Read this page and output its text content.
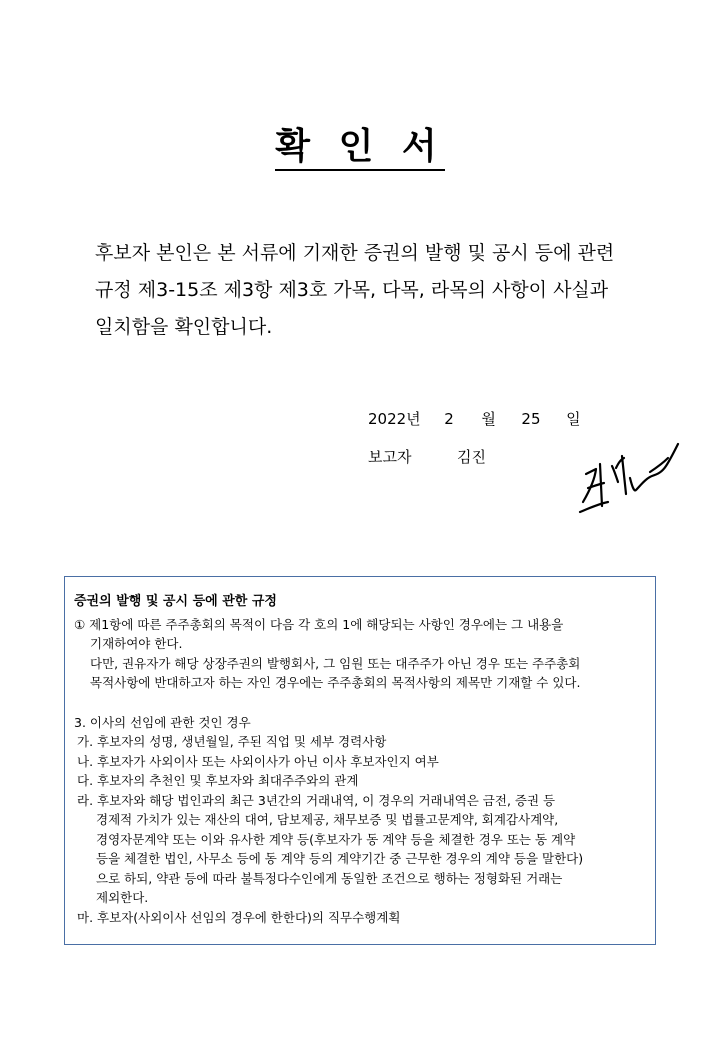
확 인 서
후보자 본인은 본 서류에 기재한 증권의 발행 및 공시 등에 관련
규정 제3-15조 제3항 제3호 가목, 다목, 라목의 사항이 사실과
일치함을 확인합니다.
2022년 2 월 25 일
보고자	김진
증권의 발행 및 공시 등에 관한 규정
① 제1항에 따른 주주총회의 목적이 다음 각 호의 1에 해당되는 사항인 경우에는 그 내용을
기재하여야 한다.
다만, 권유자가 해당 상장주권의 발행회사, 그 임원 또는 대주주가 아닌 경우 또는 주주총회
목적사항에 반대하고자 하는 자인 경우에는 주주총회의 목적사항의 제목만 기재할 수 있다.
3. 이사의 선임에 관한 것인 경우
가. 후보자의 성명, 생년월일, 주된 직업 및 세부 경력사항
나. 후보자가 사외이사 또는 사외이사가 아닌 이사 후보자인지 여부
다. 후보자의 추천인 및 후보자와 최대주주와의 관계
라. 후보자와 해당 법인과의 최근 3년간의 거래내역, 이 경우의 거래내역은 금전, 증권 등
경제적 가치가 있는 재산의 대여, 담보제공, 채무보증 및 법률고문계약, 회계감사계약,
경영자문계약 또는 이와 유사한 계약 등(후보자가 동 계약 등을 체결한 경우 또는 동 계약
등을 체결한 법인, 사무소 등에 동 계약 등의 계약기간 중 근무한 경우의 계약 등을 말한다)
으로 하되, 약관 등에 따라 불특정다수인에게 동일한 조건으로 행하는 정형화된 거래는
제외한다.
마. 후보자(사외이사 선임의 경우에 한한다)의 직무수행계획
